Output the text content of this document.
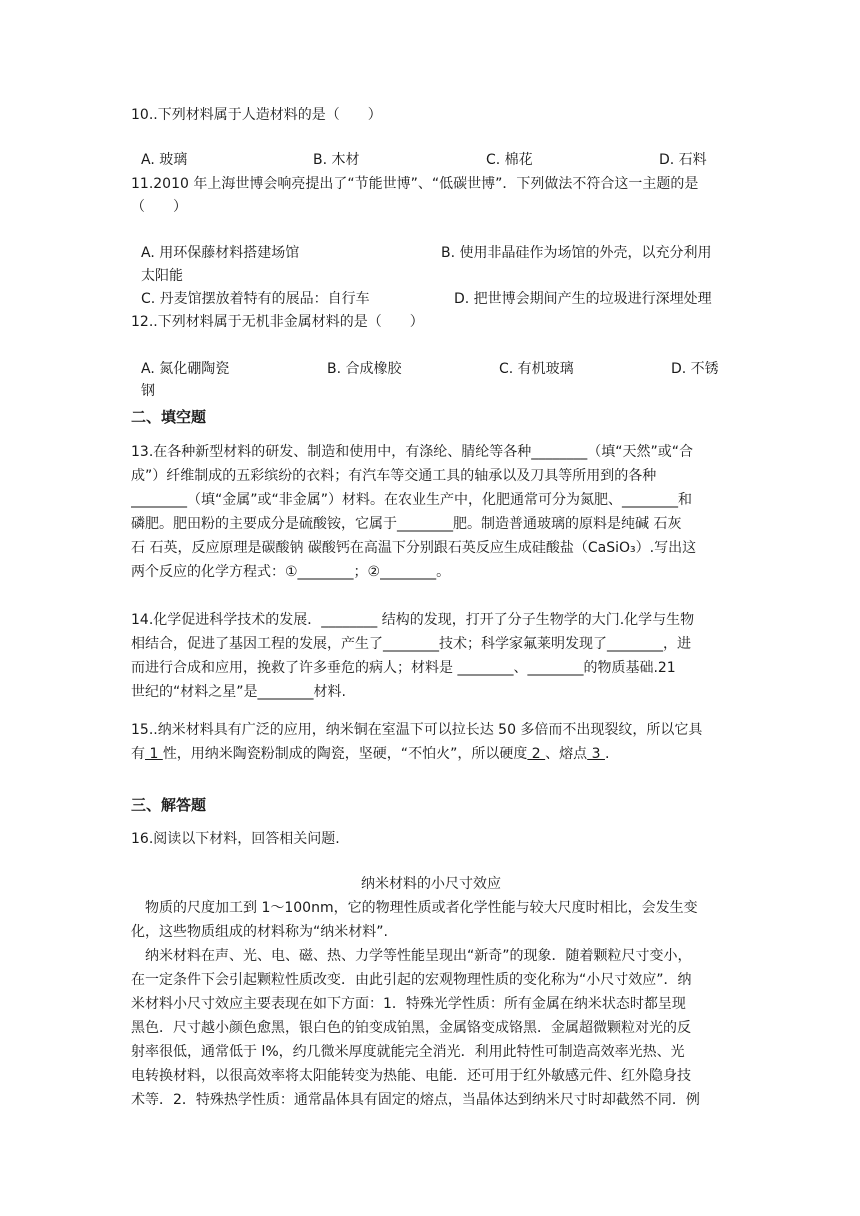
10..下列材料属于人造材料的是（　　）
A. 玻璃	B. 木材	C. 棉花	D. 石料
11.2010 年上海世博会响亮提出了“节能世博”、“低碳世博”．下列做法不符合这一主题的是
（　　）
A. 用环保藤材料搭建场馆	B. 使用非晶硅作为场馆的外壳，以充分利用
太阳能
C. 丹麦馆摆放着特有的展品：自行车	D. 把世博会期间产生的垃圾进行深埋处理
12..下列材料属于无机非金属材料的是（　　）
A. 氮化硼陶瓷	B. 合成橡胶	C. 有机玻璃	D. 不锈
钢
二、填空题
13.在各种新型材料的研发、制造和使用中，有涤纶、腈纶等各种________（填“天然”或“合
成”）纤维制成的五彩缤纷的衣料；有汽车等交通工具的轴承以及刀具等所用到的各种
________（填“金属”或“非金属”）材料。在农业生产中，化肥通常可分为氮肥、________和
磷肥。肥田粉的主要成分是硫酸铵，它属于________肥。制造普通玻璃的原料是纯碱 石灰
石 石英，反应原理是碳酸钠 碳酸钙在高温下分别跟石英反应生成硅酸盐（CaSiO₃）.写出这
两个反应的化学方程式：①________；②________。
14.化学促进科学技术的发展．________ 结构的发现，打开了分子生物学的大门.化学与生物
相结合，促进了基因工程的发展，产生了________技术；科学家氟莱明发现了________，进
而进行合成和应用，挽救了许多垂危的病人；材料是 ________、________的物质基础.21
世纪的“材料之星”是________材料.
15..纳米材料具有广泛的应用，纳米铜在室温下可以拉长达 50 多倍而不出现裂纹，所以它具
有 1 性，用纳米陶瓷粉制成的陶瓷，坚硬，“不怕火”，所以硬度 2 、熔点 3 .
三、解答题
16.阅读以下材料，回答相关问题.
纳米材料的小尺寸效应
　物质的尺度加工到 1～100nm，它的物理性质或者化学性能与较大尺度时相比，会发生变
化，这些物质组成的材料称为“纳米材料”.
　纳米材料在声、光、电、磁、热、力学等性能呈现出“新奇”的现象．随着颗粒尺寸变小，
在一定条件下会引起颗粒性质改变．由此引起的宏观物理性质的变化称为“小尺寸效应”．纳
米材料小尺寸效应主要表现在如下方面：1．特殊光学性质：所有金属在纳米状态时都呈现
黑色．尺寸越小颜色愈黑，银白色的铂变成铂黑，金属铬变成铬黑．金属超微颗粒对光的反
射率很低，通常低于 l%，约几微米厚度就能完全消光．利用此特性可制造高效率光热、光
电转换材料，以很高效率将太阳能转变为热能、电能．还可用于红外敏感元件、红外隐身技
术等．2．特殊热学性质：通常晶体具有固定的熔点，当晶体达到纳米尺寸时却截然不同．例
